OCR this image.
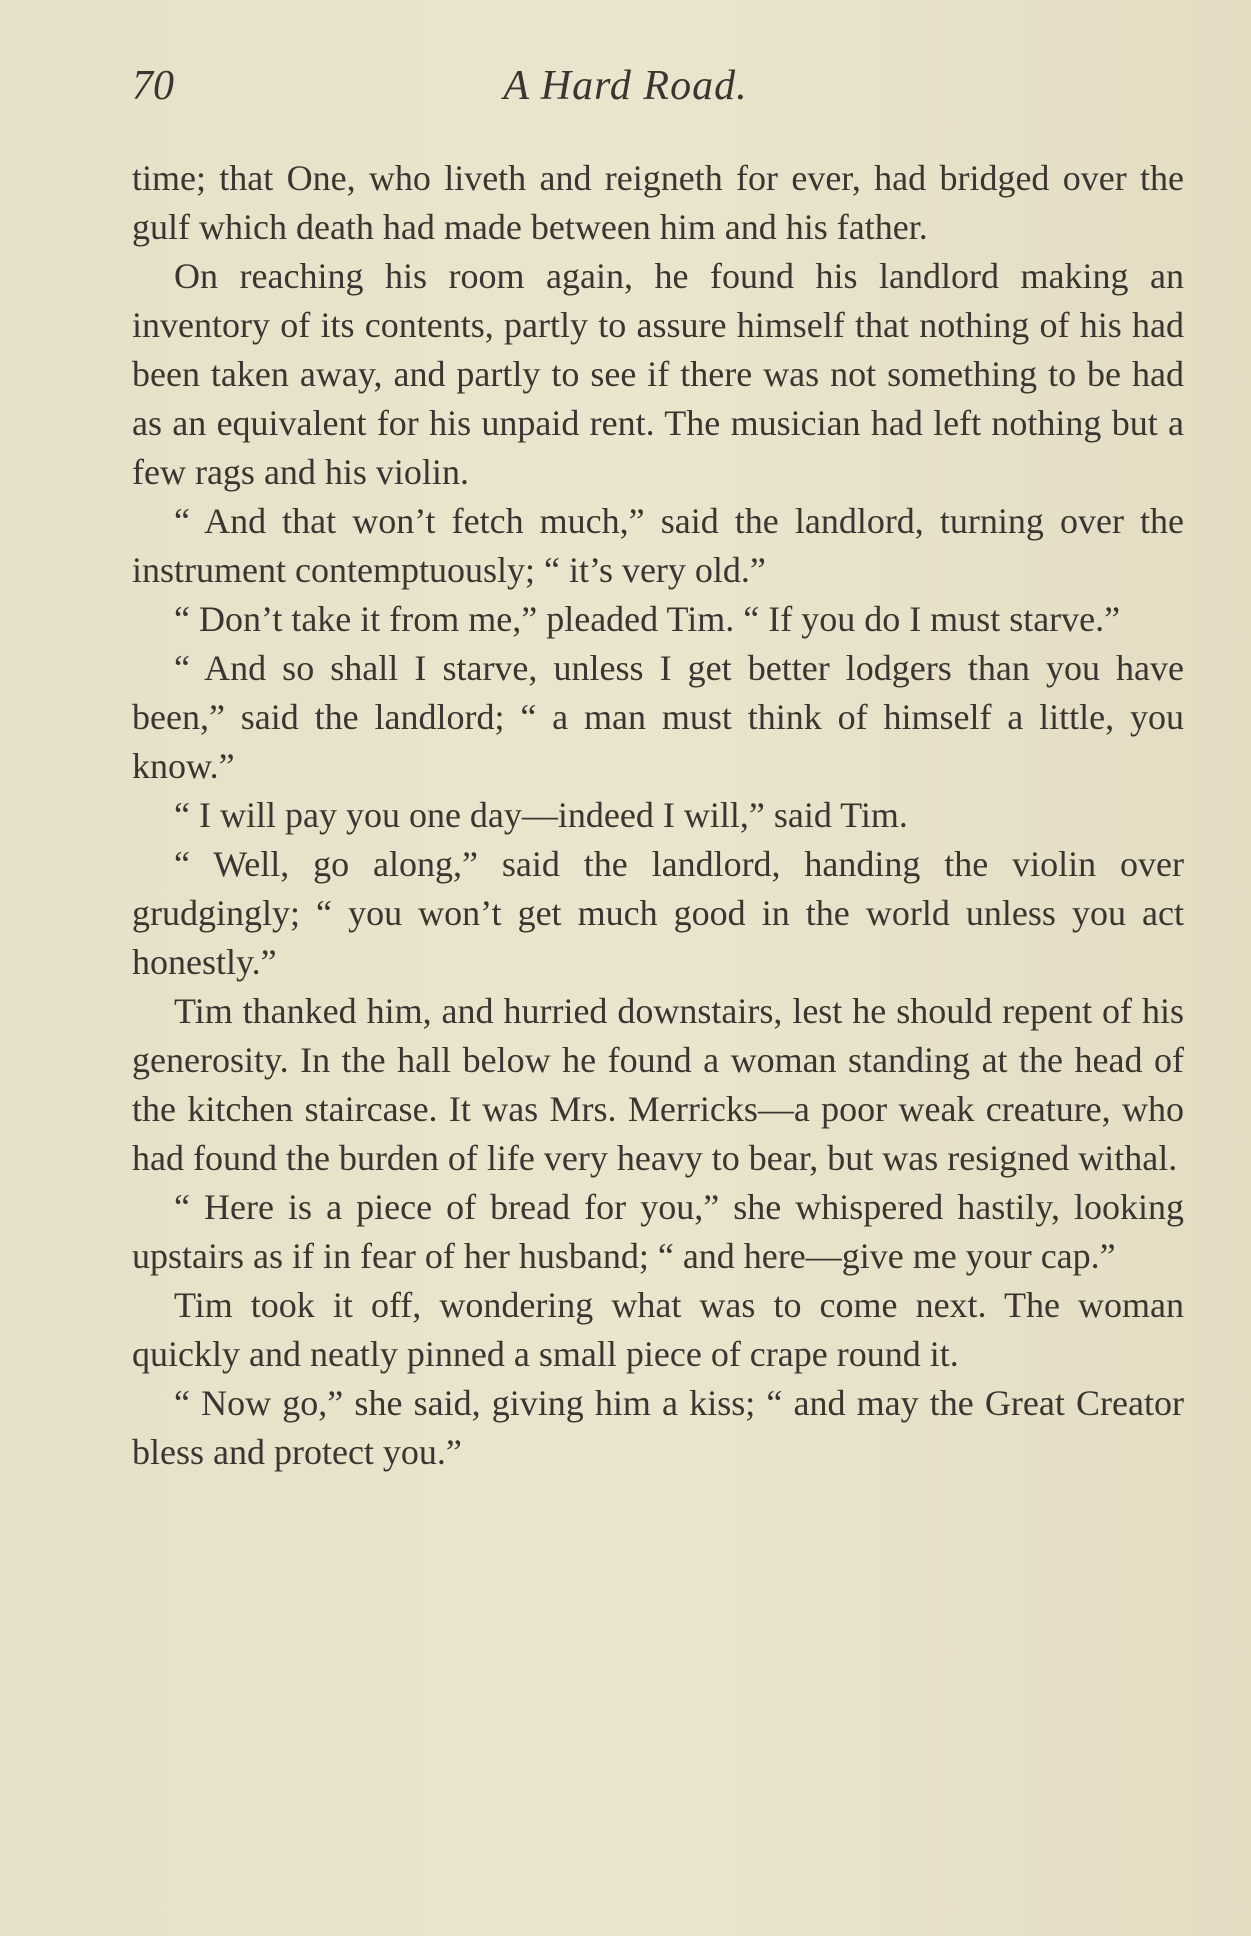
70	A Hard Road.

time; that One, who liveth and reigneth for ever, had bridged over the gulf which death had made between him and his father.

On reaching his room again, he found his landlord making an inventory of its contents, partly to assure himself that nothing of his had been taken away, and partly to see if there was not something to be had as an equivalent for his unpaid rent. The musician had left nothing but a few rags and his violin.

“ And that won’t fetch much,” said the landlord, turning over the instrument contemptuously; “ it’s very old.”

“ Don’t take it from me,” pleaded Tim. “ If you do I must starve.”

“ And so shall I starve, unless I get better lodgers than you have been,” said the landlord; “ a man must think of himself a little, you know.”

“ I will pay you one day—indeed I will,” said Tim.

“ Well, go along,” said the landlord, handing the violin over grudgingly; “ you won’t get much good in the world unless you act honestly.”

Tim thanked him, and hurried downstairs, lest he should repent of his generosity. In the hall below he found a woman standing at the head of the kitchen staircase. It was Mrs. Merricks—a poor weak creature, who had found the burden of life very heavy to bear, but was resigned withal.

“ Here is a piece of bread for you,” she whispered hastily, looking upstairs as if in fear of her husband; “ and here—give me your cap.”

Tim took it off, wondering what was to come next. The woman quickly and neatly pinned a small piece of crape round it.

“ Now go,” she said, giving him a kiss; “ and may the Great Creator bless and protect you.”
